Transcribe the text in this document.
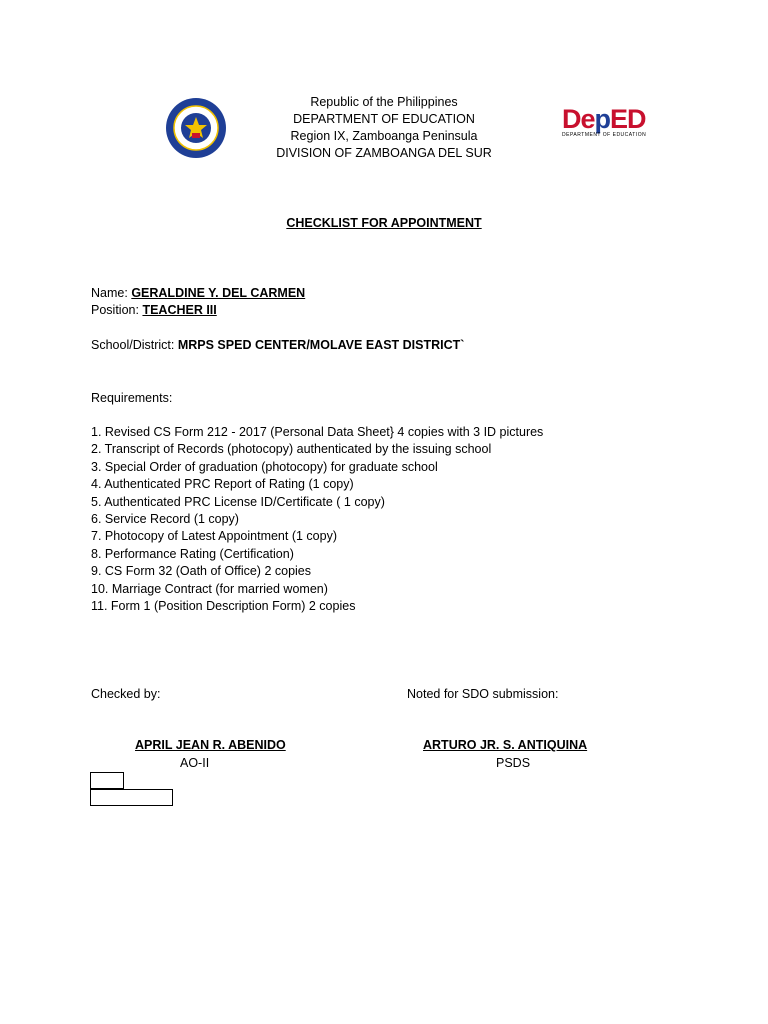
Republic of the Philippines
DEPARTMENT OF EDUCATION
Region IX, Zamboanga Peninsula
DIVISION OF ZAMBOANGA DEL SUR
DepED
DEPARTMENT OF EDUCATION
CHECKLIST FOR APPOINTMENT
Name: GERALDINE Y. DEL CARMEN
Position: TEACHER III
School/District: MRPS SPED CENTER/MOLAVE EAST DISTRICT`
Requirements:
1. Revised CS Form 212 - 2017 (Personal Data Sheet} 4 copies with 3 ID pictures
2. Transcript of Records (photocopy) authenticated by the issuing school
3. Special Order of graduation (photocopy) for graduate school
4. Authenticated PRC Report of Rating (1 copy)
5. Authenticated PRC License ID/Certificate ( 1 copy)
6. Service Record (1 copy)
7. Photocopy of Latest Appointment (1 copy)
8. Performance Rating (Certification)
9. CS Form 32 (Oath of Office) 2 copies
10. Marriage Contract (for married women)
11. Form 1 (Position Description Form) 2 copies
Checked by:	Noted for SDO submission:
APRIL JEAN R. ABENIDO
AO-II
ARTURO JR. S. ANTIQUINA
PSDS
